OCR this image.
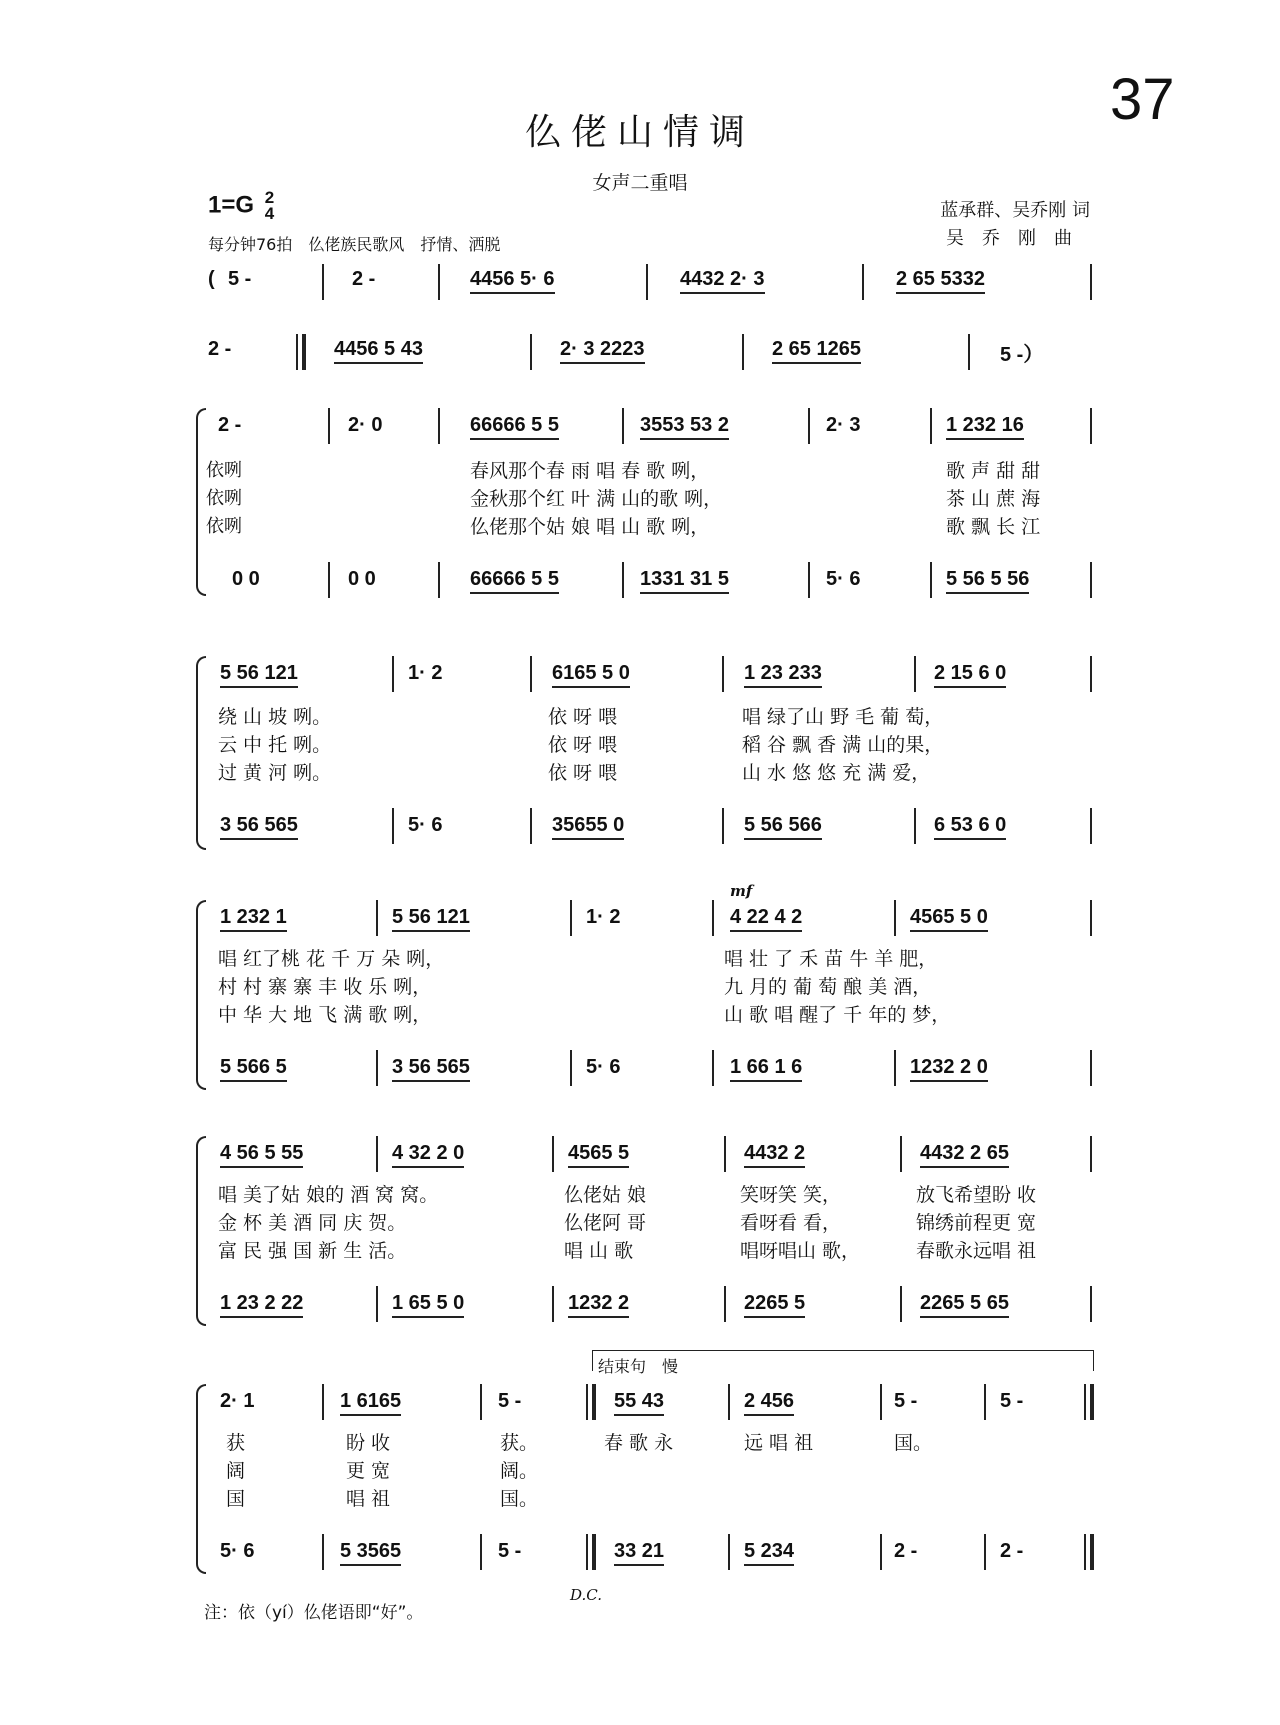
37
仫佬山情调
女声二重唱
1=G 2
4
每分钟76拍　仫佬族民歌风　抒情、洒脱
蓝承群、吴乔刚 词
吴乔刚曲
( 5 -	2 -	4456 5· 6	4432 2· 3	2 65 5332
2 -	4456 5 43	2· 3 2223	2 65 1265	5 -）
2 -	2· 0	66666 5 5	3553 53 2	2· 3	1 232 16
依咧	春风那个春 雨 唱 春 歌 咧，	歌 声 甜 甜
依咧	金秋那个红 叶 满 山的歌 咧，	茶 山 蔗 海
依咧	仫佬那个姑 娘 唱 山 歌 咧，	歌 飘 长 江
0 0	0 0	66666 5 5	1331 31 5	5· 6	5 56 5 56
5 56 121	1· 2	6165 5 0	1 23 233	2 15 6 0
绕 山 坡 咧。	依 呀 喂	唱 绿了山 野 毛 葡 萄，
云 中 托 咧。	依 呀 喂	稻 谷 飘 香 满 山的果，
过 黄 河 咧。	依 呀 喂	山 水 悠 悠 充 满 爱，
3 56 565	5· 6	35655 0	5 56 566	6 53 6 0
mf
1 232 1	5 56 121	1· 2	4 22 4 2	4565 5 0
唱 红了桃 花 千 万 朵 咧，	唱 壮 了 禾 苗 牛 羊 肥，
村 村 寨 寨 丰 收 乐 咧，	九 月的 葡 萄 酿 美 酒，
中 华 大 地 飞 满 歌 咧，	山 歌 唱 醒了 千 年的 梦，
5 566 5	3 56 565	5· 6	1 66 1 6	1232 2 0
4 56 5 55	4 32 2 0	4565 5	4432 2	4432 2 65
唱 美了姑 娘的 酒 窝 窝。	仫佬姑 娘	笑呀笑 笑，	放飞希望盼 收
金 杯 美 酒 同 庆 贺。	仫佬阿 哥	看呀看 看，	锦绣前程更 宽
富 民 强 国 新 生 活。	唱 山 歌	唱呀唱山 歌，	春歌永远唱 祖
1 23 2 22	1 65 5 0	1232 2	2265 5	2265 5 65
结束句　慢
2· 1	1 6165	5 -	55 43	2 456	5 -	5 -
获	盼 收	获。	春 歌 永	远 唱 祖	国。
阔	更 宽	阔。
国	唱 祖	国。
5· 6	5 3565	5 -	33 21	5 234	2 -	2 -
D.C.
注：依（yí）仫佬语即“好”。
